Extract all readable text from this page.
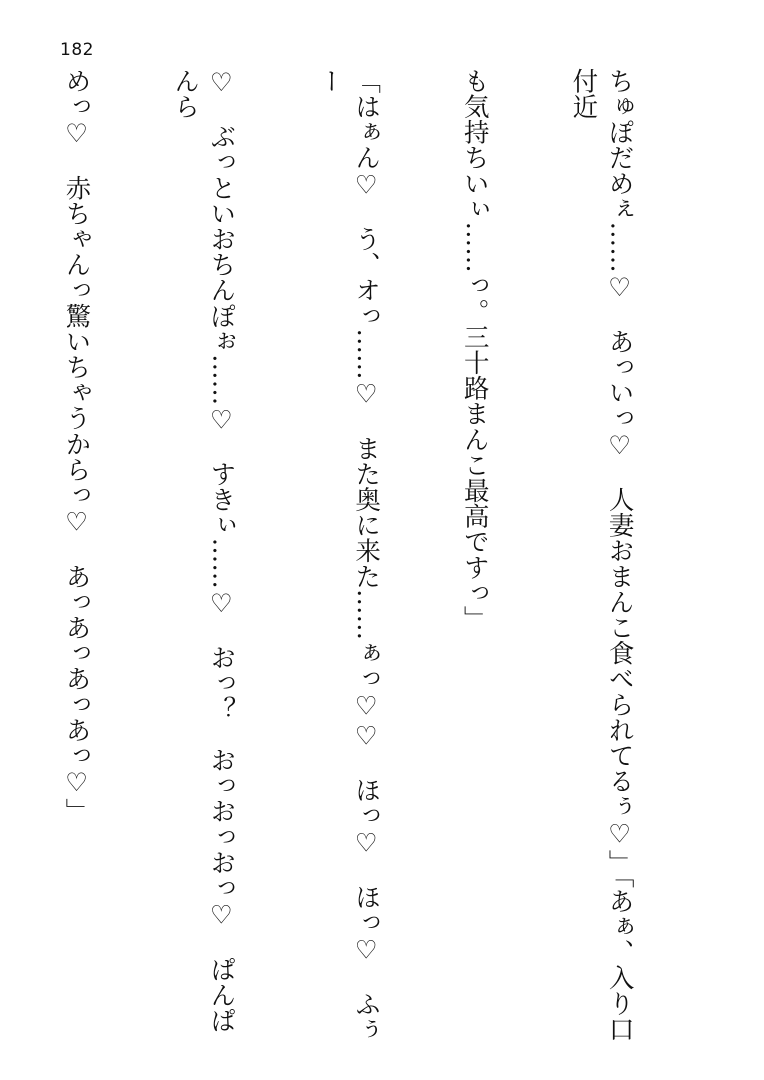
182

ちゅぽだめぇ……♡　あっいっ♡　人妻おまんこ食べられてるぅ♡」「あぁ、入り口付近

も気持ちいぃ……っ。三十路まんこ最高ですっ」

「はぁん♡　う、オっ……♡　また奥に来た……ぁっ♡♡　ほっ♡　ほっ♡　ふぅー

♡　ぶっといおちんぽぉ……♡　すきぃ……♡　おっ？　おっおっおっ♡　ぱんぱんら

めっ♡　赤ちゃんっ驚いちゃうからっ♡　あっあっあっあっ♡」
